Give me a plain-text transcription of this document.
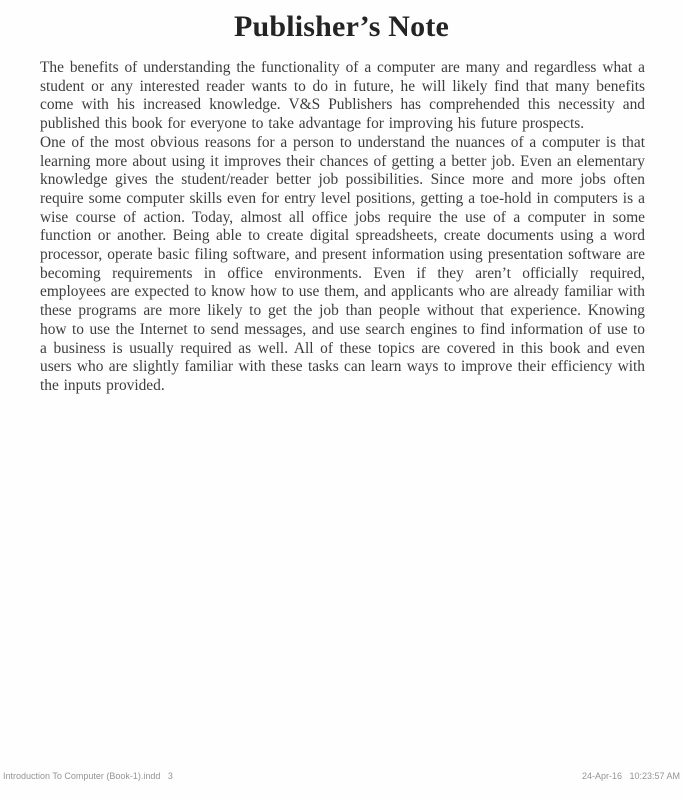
Publisher’s Note

The benefits of understanding the functionality of a computer are many and regardless what a student or any interested reader wants to do in future, he will likely find that many benefits come with his increased knowledge. V&S Publishers has comprehended this necessity and published this book for everyone to take advantage for improving his future prospects.

One of the most obvious reasons for a person to understand the nuances of a computer is that learning more about using it improves their chances of getting a better job. Even an elementary knowledge gives the student/reader better job possibilities. Since more and more jobs often require some computer skills even for entry level positions, getting a toe-hold in computers is a wise course of action. Today, almost all office jobs require the use of a computer in some function or another. Being able to create digital spreadsheets, create documents using a word processor, operate basic filing software, and present information using presentation software are becoming requirements in office environments. Even if they aren’t officially required, employees are expected to know how to use them, and applicants who are already familiar with these programs are more likely to get the job than people without that experience. Knowing how to use the Internet to send messages, and use search engines to find information of use to a business is usually required as well. All of these topics are covered in this book and even users who are slightly familiar with these tasks can learn ways to improve their efficiency with the inputs provided.

Introduction To Computer (Book-1).indd   3	24-Apr-16   10:23:57 AM
